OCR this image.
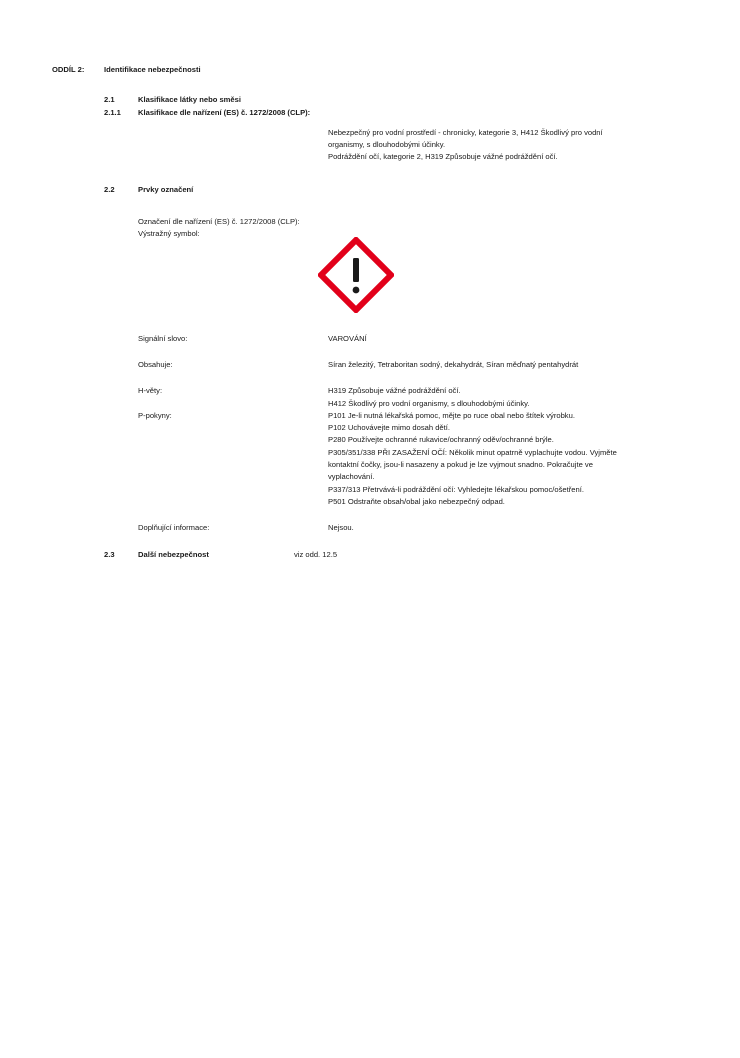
ODDÍL 2:	Identifikace nebezpečnosti
2.1	Klasifikace látky nebo směsi
2.1.1	Klasifikace dle nařízení (ES) č. 1272/2008 (CLP):

Nebezpečný pro vodní prostředí - chronicky, kategorie 3, H412 Škodlivý pro vodní

organismy, s dlouhodobými účinky.

Podráždění očí, kategorie 2, H319 Způsobuje vážné podráždění očí.

2.2	Prvky označení

Označení dle nařízení (ES) č. 1272/2008 (CLP):

Výstražný symbol:

Signální slovo:	VAROVÁNÍ

Obsahuje:	Síran železitý, Tetraboritan sodný, dekahydrát, Síran měďnatý pentahydrát

H-věty:	H319 Způsobuje vážné podráždění očí.

H412 Škodlivý pro vodní organismy, s dlouhodobými účinky.

P-pokyny:	P101 Je-li nutná lékařská pomoc, mějte po ruce obal nebo štítek výrobku.

P102 Uchovávejte mimo dosah dětí.

P280 Používejte ochranné rukavice/ochranný oděv/ochranné brýle.

P305/351/338 PŘI ZASAŽENÍ OČÍ: Několik minut opatrně vyplachujte vodou. Vyjměte

kontaktní čočky, jsou-li nasazeny a pokud je lze vyjmout snadno. Pokračujte ve

vyplachování.

P337/313 Přetrvává-li podráždění očí: Vyhledejte lékařskou pomoc/ošetření.

P501 Odstraňte obsah/obal jako nebezpečný odpad.

Doplňující informace:	Nejsou.

2.3	Další nebezpečnost	viz odd. 12.5
